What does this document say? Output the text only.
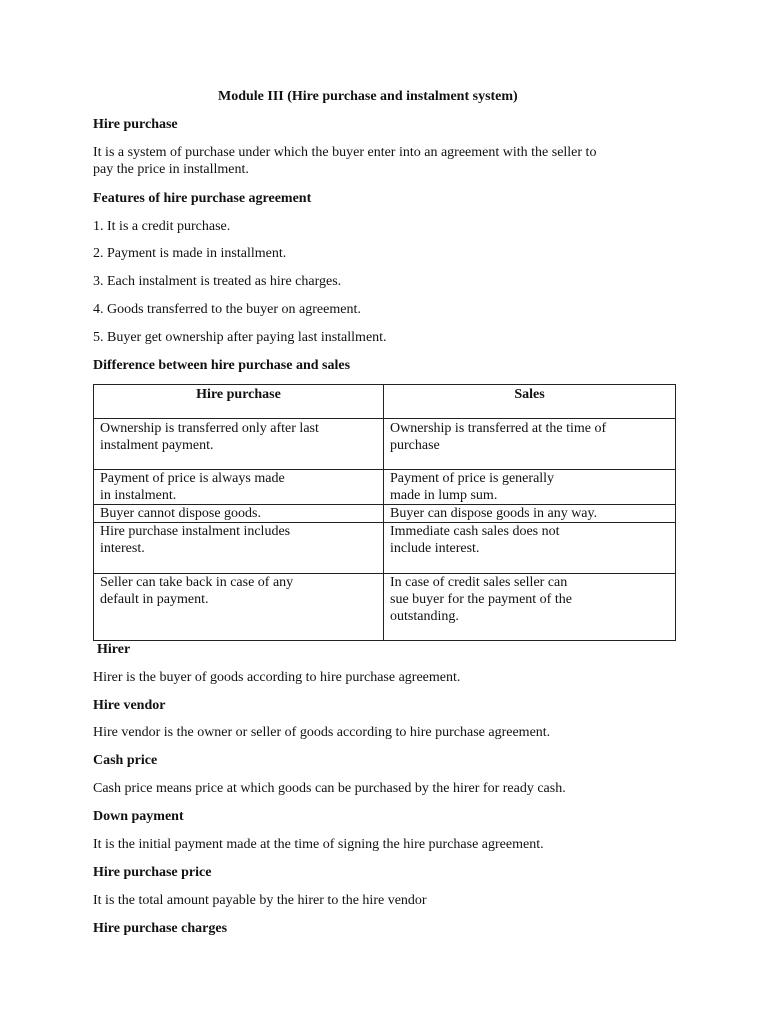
Module III (Hire purchase and instalment system)
Hire purchase
It is a system of purchase under which the buyer enter into an agreement with the seller to
pay the price in installment.
Features of hire purchase agreement
1. It is a credit purchase.
2. Payment is made in installment.
3. Each instalment is treated as hire charges.
4. Goods transferred to the buyer on agreement.
5. Buyer get ownership after paying last installment.
Difference between hire purchase and sales
Hire purchase	Sales

Ownership is transferred only after last
instalment payment.	Ownership is transferred at the time of
purchase

Payment of price is always made
in instalment.	Payment of price is generally
made in lump sum.

Buyer cannot dispose goods.	Buyer can dispose goods in any way.

Hire purchase instalment includes
interest.	Immediate cash sales does not
include interest.

Seller can take back in case of any
default in payment.	In case of credit sales seller can
sue buyer for the payment of the
outstanding.
Hirer
Hirer is the buyer of goods according to hire purchase agreement.
Hire vendor
Hire vendor is the owner or seller of goods according to hire purchase agreement.
Cash price
Cash price means price at which goods can be purchased by the hirer for ready cash.
Down payment
It is the initial payment made at the time of signing the hire purchase agreement.
Hire purchase price
It is the total amount payable by the hirer to the hire vendor
Hire purchase charges
